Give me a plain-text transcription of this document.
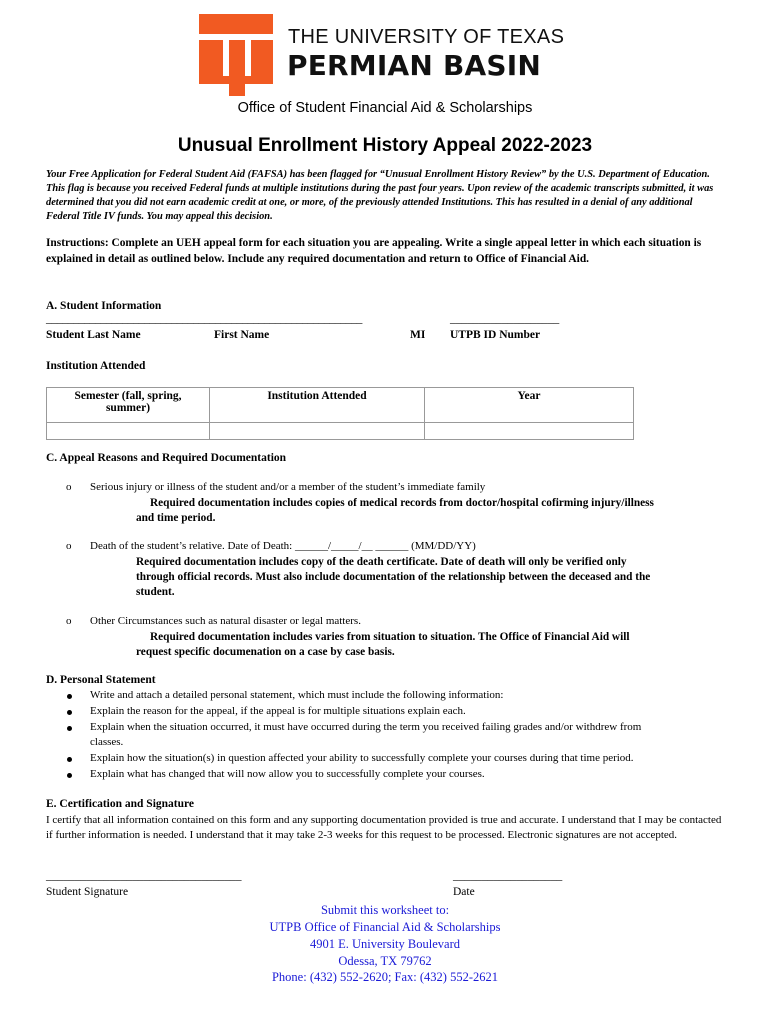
THE UNIVERSITY OF TEXAS
PERMIAN BASIN
Office of Student Financial Aid & Scholarships
Unusual Enrollment History Appeal 2022-2023
Your Free Application for Federal Student Aid (FAFSA) has been flagged for “Unusual Enrollment History Review” by the U.S. Department of Education. This flag is because you received Federal funds at multiple institutions during the past four years. Upon review of the academic transcripts submitted, it was determined that you did not earn academic credit at one, or more, of the previously attended Institutions. This has resulted in a denial of any additional Federal Title IV funds. You may appeal this decision.
Instructions: Complete an UEH appeal form for each situation you are appealing. Write a single appeal letter in which each situation is explained in detail as outlined below. Include any required documentation and return to Office of Financial Aid.
A. Student Information
__________________________________________________________	___________________
Student Last Name	First Name	MI UTPB ID Number
Institution Attended
Semester (fall, spring, summer)	Institution Attended	Year

C. Appeal Reasons and Required Documentation
o Serious injury or illness of the student and/or a member of the student’s immediate family
Required documentation includes copies of medical records from doctor/hospital cofirming injury/illness
and time period.
o Death of the student’s relative. Date of Death: ______/_____/__ ______ (MM/DD/YY)
Required documentation includes copy of the death certificate. Date of death will only be verified only
through official records. Must also include documentation of the relationship between the deceased and the
student.
o Other Circumstances such as natural disaster or legal matters.
Required documentation includes varies from situation to situation. The Office of Financial Aid will
request specific documenation on a case by case basis.
D. Personal Statement
Write and attach a detailed personal statement, which must include the following information:
Explain the reason for the appeal, if the appeal is for multiple situations explain each.
Explain when the situation occurred, it must have occurred during the term you received failing grades and/or withdrew from
classes.
Explain how the situation(s) in question affected your ability to successfully complete your courses during that time period.
Explain what has changed that will now allow you to successfully complete your courses.
E. Certification and Signature
I certify that all information contained on this form and any supporting documentation provided is true and accurate. I understand that I may be contacted if further information is needed. I understand that it may take 2-3 weeks for this request to be processed. Electronic signatures are not accepted.
__________________________________	___________________
Student Signature	Date
Submit this worksheet to:
UTPB Office of Financial Aid & Scholarships
4901 E. University Boulevard
Odessa, TX 79762
Phone: (432) 552-2620; Fax: (432) 552-2621
